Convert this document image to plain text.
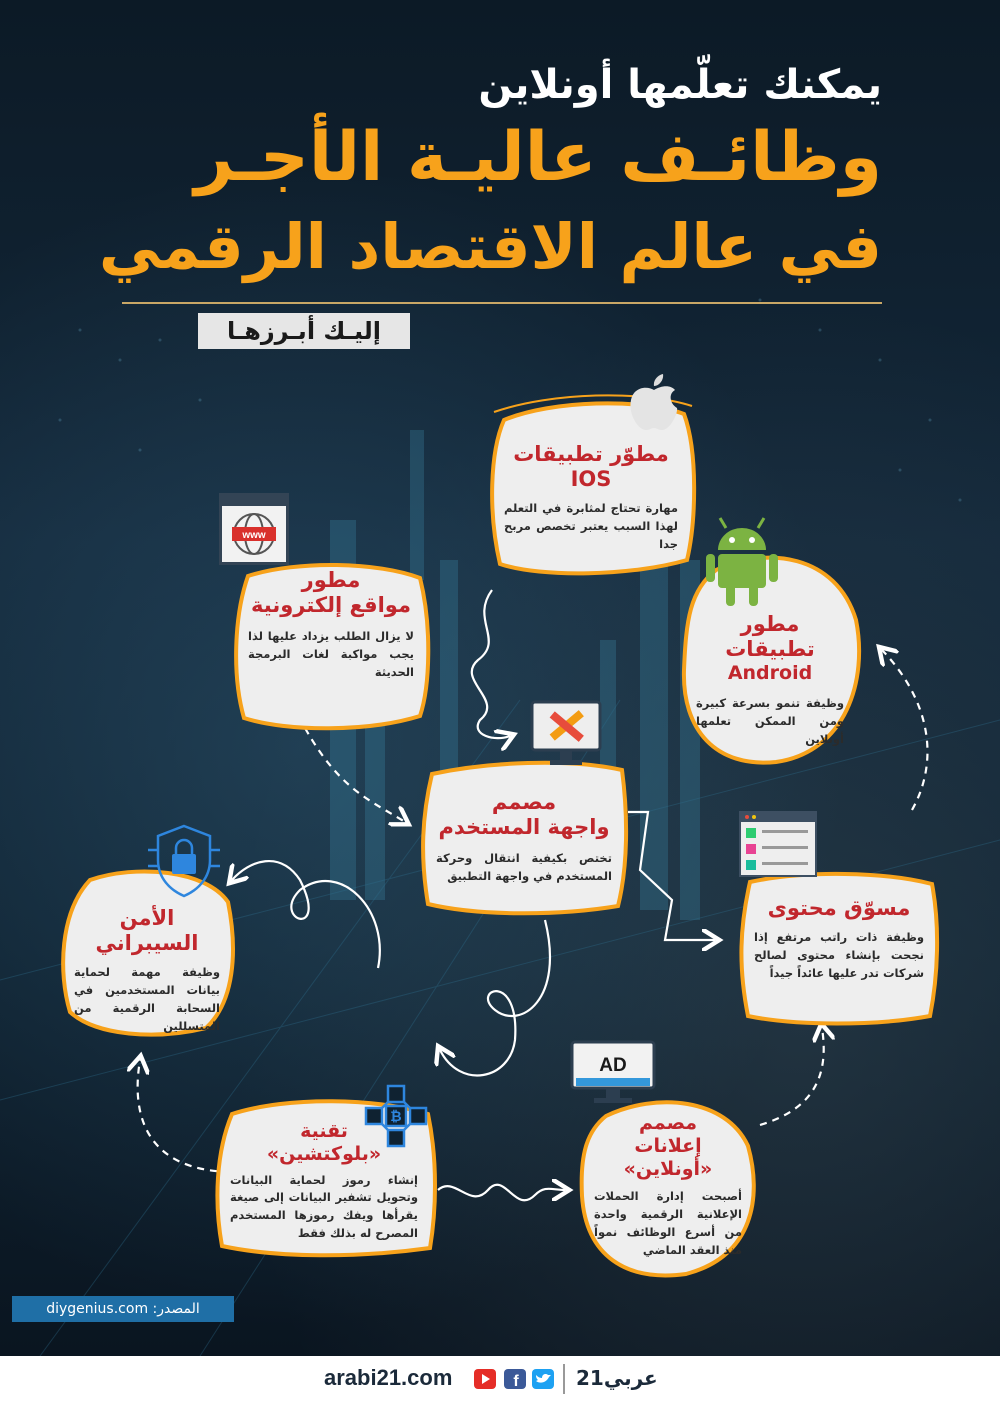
يمكنك تعلّمها أونلاين
وظائـف عاليـة الأجـر
في عالم الاقتصاد الرقمي
إليـك أبـرزهـا
مطوّر تطبيقات IOS
مهارة تحتاج لمثابرة في التعلم لهذا السبب يعتبر تخصص مربح جدا
مطور
مواقع إلكترونية
لا يزال الطلب يزداد عليها لذا يجب مواكبة لغات البرمجة الحديثة
www
مطور تطبيقات
Android
وظيفة تنمو بسرعة كبيرة ومن الممكن تعلمها أونلاين
مصمم
واجهة المستخدم
تختص بكيفية انتقال وحركة المستخدم في واجهة التطبيق
الأمن السيبراني
وظيفة مهمة لحماية بيانات المستخدمين في السحابة الرقمية من المتسللين
مسوّق محتوى
وظيفة ذات راتب مرتفع إذا نجحت بإنشاء محتوى لصالح شركات تدر عليها عائداً جيداً
تقنية
«بلوكتشين»
إنشاء رموز لحماية البيانات وتحويل تشفير البيانات إلى صيغة يقرأها ويفك رموزها المستخدم المصرح له بذلك فقط
₿	مصمم
إعلانات «أونلاين»
أصبحت إدارة الحملات الإعلانية الرقمية واحدة من أسرع الوظائف نمواً منذ العقد الماضي
AD
المصدر: diygenius.com
arabi21.com	f	عربي21
